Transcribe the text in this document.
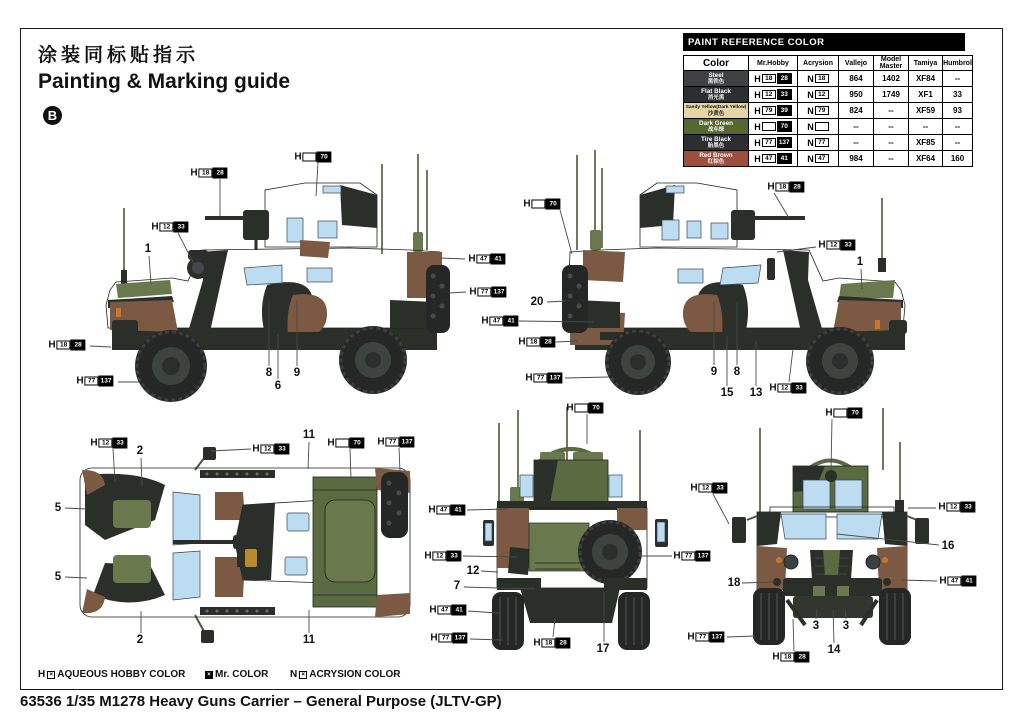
涂装同标贴指示
Painting & Marking guide
B
PAINT REFERENCE COLOR
Color	Mr.Hobby	Acrysion	Vallejo	Model Master	Tamiya	Humbrol

Steel
黑铁色	H 18	28	N 18	864	1402	XF84	--

Flat Black
消光黑	H 12	33	N 12	950	1749	XF1	33

Sandy Yellow(Dark Yellow)
沙黄色	H 79	39	N 79	824	--	XF59	93

Dark Green
战车绿	H	70	N	--	--	--	--

Tire Black
胎黑色	H 77 137	N 77	--	--	XF85	--

Red Brown
红棕色	H 47	41	N 47	984	--	XF64	160
H	70
H 18	28
H 12	33
1
H 47	41
H 77 137
H 18	28
H 77 137
8
6
9
H	70
H 18	28
H 12	33
1
20
H 47	41
H 18	28
H 77 137	9 8
15 13 H 12	33
H 12	33
2	H 12	33
11
H	70	H 77 137
5
5
2	11
H	70
H 47	41
H 12	33
12
7
H 47	41
H 77 137	H 18	28	17
H 77 137
H	70
H 12	33
H 12	33
16
18	H 47	41
H 77 137
H 18	28
3 3
14
H × AQUEOUS HOBBY COLOR	× Mr. COLOR N × ACRYSION COLOR
63536 1/35 M1278 Heavy Guns Carrier – General Purpose (JLTV-GP)
